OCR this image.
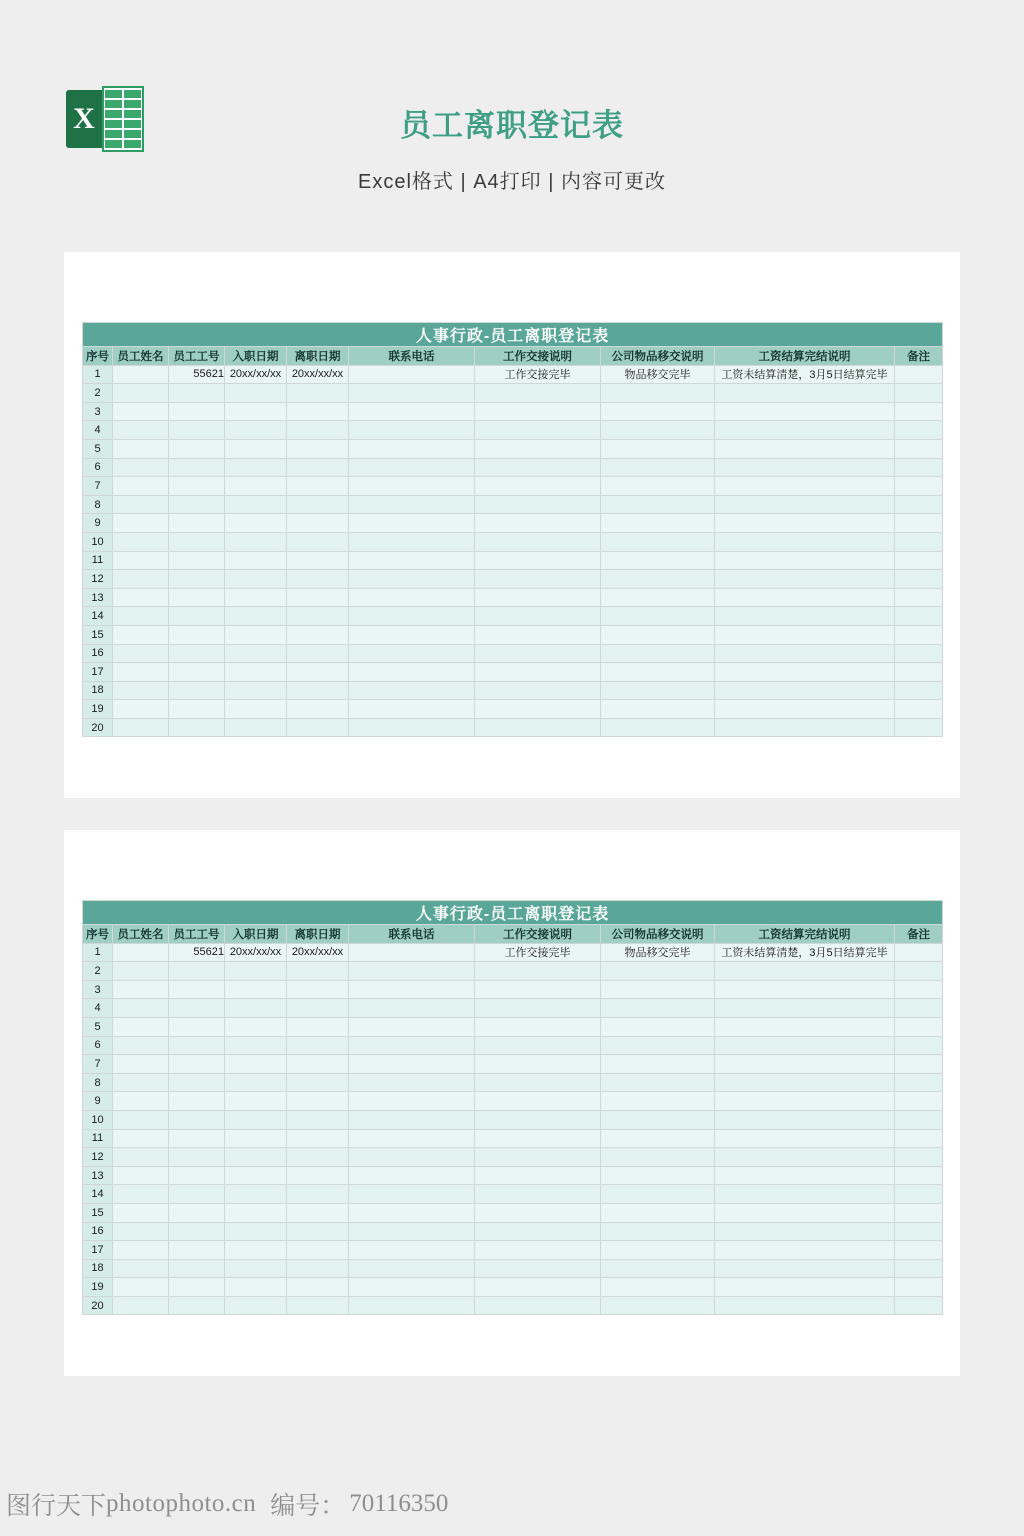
X	员工离职登记表
Excel格式 | A4打印 | 内容可更改
人事行政-员工离职登记表									
序号	员工姓名	员工工号	入职日期	离职日期	联系电话	工作交接说明	公司物品移交说明	工资结算完结说明	备注
1		55621	20xx/xx/xx	20xx/xx/xx		工作交接完毕	物品移交完毕	工资未结算清楚，3月5日结算完毕	
2									
3									
4									
5									
6									
7									
8									
9									
10									
11									
12									
13									
14									
15									
16									
17									
18									
19									
20									
人事行政-员工离职登记表									
序号	员工姓名	员工工号	入职日期	离职日期	联系电话	工作交接说明	公司物品移交说明	工资结算完结说明	备注
1		55621	20xx/xx/xx	20xx/xx/xx		工作交接完毕	物品移交完毕	工资未结算清楚，3月5日结算完毕	
2									
3									
4									
5									
6									
7									
8									
9									
10									
11									
12									
13									
14									
15									
16									
17									
18									
19									
20									
图行天下 photophoto.cn 编号： 70116350
